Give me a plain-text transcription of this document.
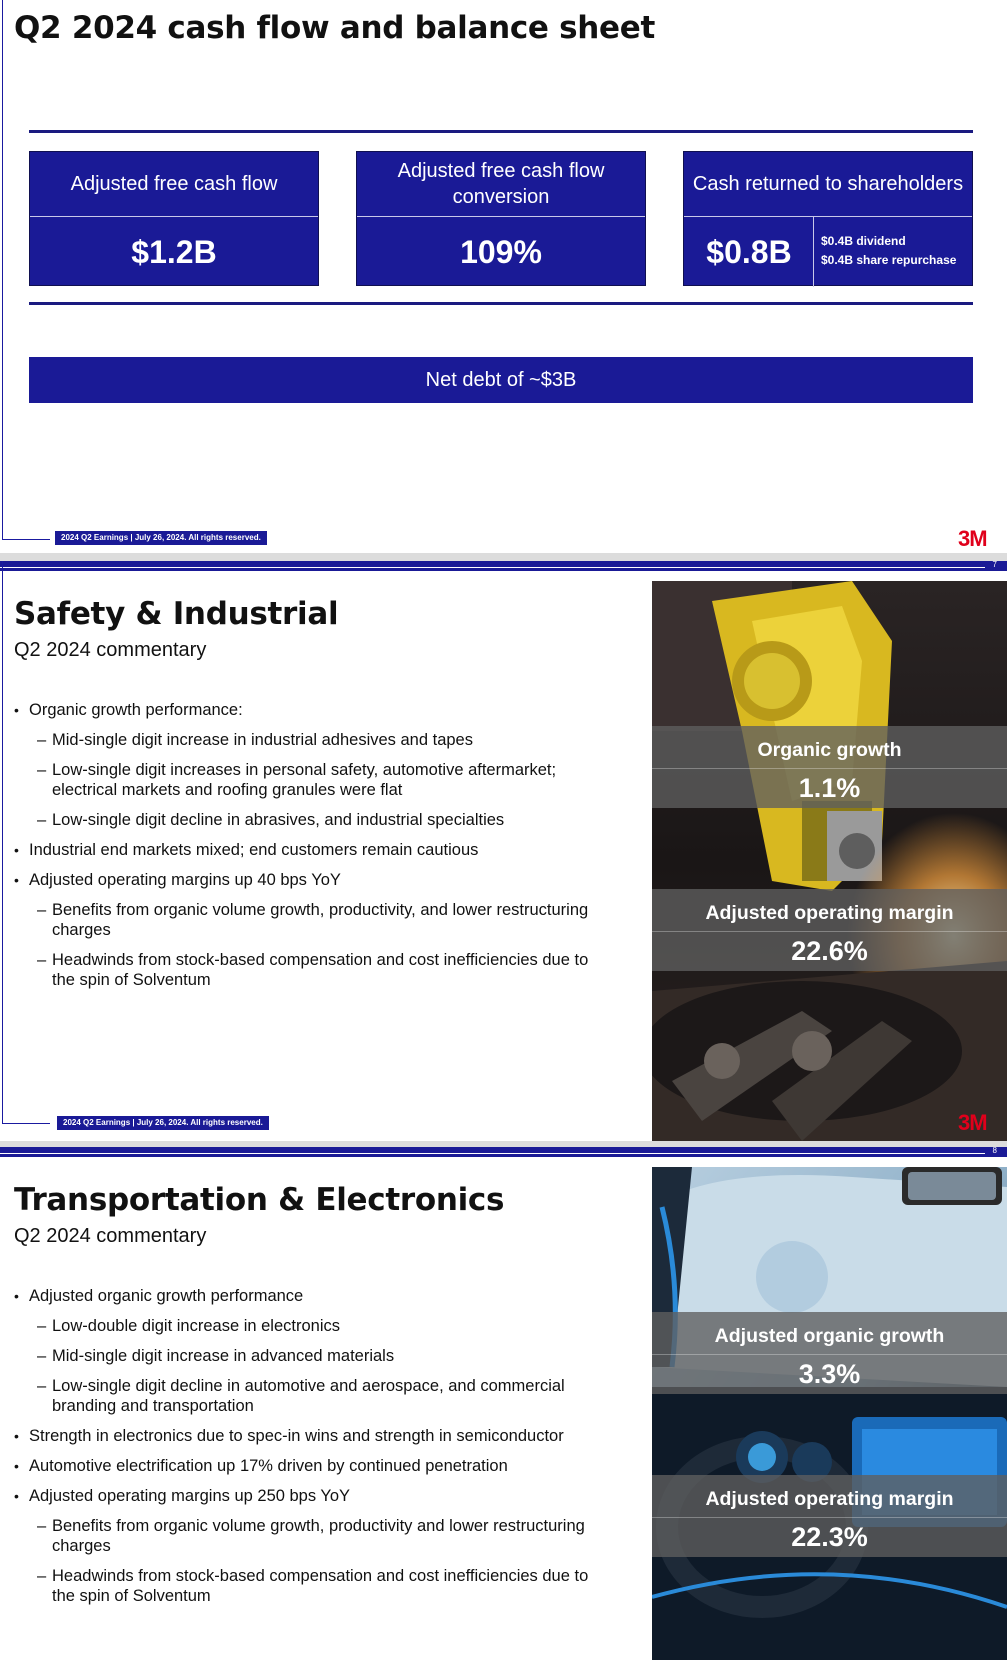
Q2 2024 cash flow and balance sheet
Adjusted free cash flow
$1.2B
Adjusted free cash flow conversion
109%
Cash returned to shareholders
$0.8B	$0.4B dividend
$0.4B share repurchase
Net debt of ~$3B
2024 Q2 Earnings | July 26, 2024. All rights reserved.	3M
7
Safety & Industrial
Q2 2024 commentary
• Organic growth performance:
– Mid-single digit increase in industrial adhesives and tapes
– Low-single digit increases in personal safety, automotive aftermarket; electrical markets and roofing granules were flat
– Low-single digit decline in abrasives, and industrial specialties
• Industrial end markets mixed; end customers remain cautious
• Adjusted operating margins up 40 bps YoY
– Benefits from organic volume growth, productivity, and lower restructuring charges
– Headwinds from stock-based compensation and cost inefficiencies due to the spin of Solventum
Organic growth
1.1%
Adjusted operating margin
22.6%
2024 Q2 Earnings | July 26, 2024. All rights reserved.	3M
8
Transportation & Electronics
Q2 2024 commentary
• Adjusted organic growth performance
– Low-double digit increase in electronics
– Mid-single digit increase in advanced materials
– Low-single digit decline in automotive and aerospace, and commercial branding and transportation
• Strength in electronics due to spec-in wins and strength in semiconductor
• Automotive electrification up 17% driven by continued penetration
• Adjusted operating margins up 250 bps YoY
– Benefits from organic volume growth, productivity and lower restructuring charges
– Headwinds from stock-based compensation and cost inefficiencies due to the spin of Solventum
Adjusted organic growth
3.3%
Adjusted operating margin
22.3%
